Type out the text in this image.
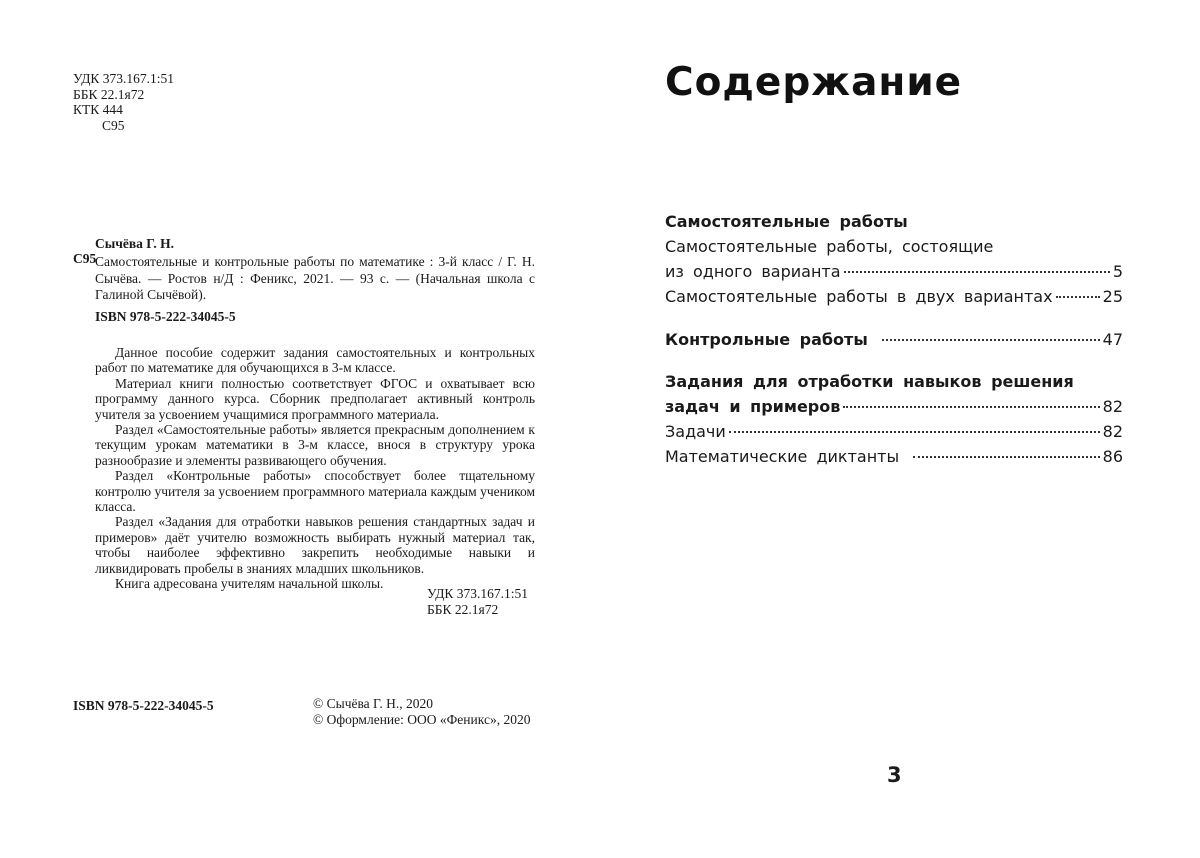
УДК 373.167.1:51
ББК 22.1я72
КТК 444
С95
Сычёва Г. Н.
С95
Самостоятельные и контрольные работы по математике : 3-й класс / Г. Н. Сычёва. — Ростов н/Д : Феникс, 2021. — 93 с. — (Начальная школа с Галиной Сычёвой).
ISBN 978-5-222-34045-5

Данное пособие содержит задания самостоятельных и контрольных работ по математике для обучающихся в 3-м классе.

Материал книги полностью соответствует ФГОС и охватывает всю программу данного курса. Сборник предполагает активный контроль учителя за усвоением учащимися программного материала.

Раздел «Самостоятельные работы» является прекрасным дополнением к текущим урокам математики в 3-м классе, внося в структуру урока разнообразие и элементы развивающего обучения.

Раздел «Контрольные работы» способствует более тщательному контролю учителя за усвоением программного материала каждым учеником класса.

Раздел «Задания для отработки навыков решения стандартных задач и примеров» даёт учителю возможность выбирать нужный материал так, чтобы наиболее эффективно закрепить необходимые навыки и ликвидировать пробелы в знаниях младших школьников.

Книга адресована учителям начальной школы.

УДК 373.167.1:51
ББК 22.1я72
ISBN 978-5-222-34045-5	© Сычёва Г. Н., 2020
© Оформление: ООО «Феникс», 2020
Содержание
Самостоятельные работы
Самостоятельные работы, состоящие
из одного варианта	5
Самостоятельные работы в двух вариантах	25
Контрольные работы	47
Задания для отработки навыков решения
задач и примеров	82
Задачи	82
Математические диктанты	86
3
